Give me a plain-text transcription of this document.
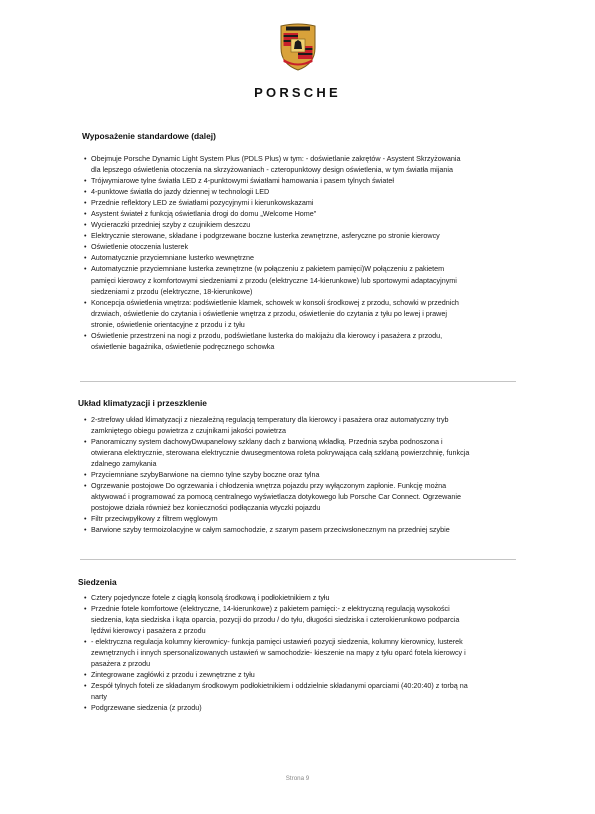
PORSCHE
Wyposażenie standardowe (dalej)
• Obejmuje Porsche Dynamic Light System Plus (PDLS Plus) w tym: - doświetlanie zakrętów - Asystent Skrzyżowania
dla lepszego oświetlenia otoczenia na skrzyżowaniach - czteropunktowy design oświetlenia, w tym światła mijania
• Trójwymiarowe tylne światła LED z 4-punktowymi światłami hamowania i pasem tylnych świateł
• 4-punktowe światła do jazdy dziennej w technologii LED
• Przednie reflektory LED ze światłami pozycyjnymi i kierunkowskazami
• Asystent świateł z funkcją oświetlania drogi do domu „Welcome Home"
• Wycieraczki przedniej szyby z czujnikiem deszczu
• Elektrycznie sterowane, składane i podgrzewane boczne lusterka zewnętrzne, asferyczne po stronie kierowcy
• Oświetlenie otoczenia lusterek
• Automatycznie przyciemniane lusterko wewnętrzne
• Automatycznie przyciemniane lusterka zewnętrzne (w połączeniu z pakietem pamięci)W połączeniu z pakietem
pamięci kierowcy z komfortowymi siedzeniami z przodu (elektryczne 14-kierunkowe) lub sportowymi adaptacyjnymi
siedzeniami z przodu (elektryczne, 18-kierunkowe)
• Koncepcja oświetlenia wnętrza: podświetlenie klamek, schowek w konsoli środkowej z przodu, schowki w przednich
drzwiach, oświetlenie do czytania i oświetlenie wnętrza z przodu, oświetlenie do czytania z tyłu po lewej i prawej
stronie, oświetlenie orientacyjne z przodu i z tyłu
• Oświetlenie przestrzeni na nogi z przodu, podświetlane lusterka do makijażu dla kierowcy i pasażera z przodu,
oświetlenie bagażnika, oświetlenie podręcznego schowka
Układ klimatyzacji i przeszklenie
• 2-strefowy układ klimatyzacji z niezależną regulacją temperatury dla kierowcy i pasażera oraz automatyczny tryb
zamkniętego obiegu powietrza z czujnikami jakości powietrza
• Panoramiczny system dachowyDwupanelowy szklany dach z barwioną wkładką. Przednia szyba podnoszona i
otwierana elektrycznie, sterowana elektrycznie dwusegmentowa roleta pokrywająca całą szklaną powierzchnię, funkcja
zdalnego zamykania
• Przyciemniane szybyBarwione na ciemno tylne szyby boczne oraz tylna
• Ogrzewanie postojowe Do ogrzewania i chłodzenia wnętrza pojazdu przy wyłączonym zapłonie. Funkcję można
aktywować i programować za pomocą centralnego wyświetlacza dotykowego lub Porsche Car Connect. Ogrzewanie
postojowe działa również bez konieczności podłączania wtyczki pojazdu
• Filtr przeciwpyłkowy z filtrem węglowym
• Barwione szyby termoizolacyjne w całym samochodzie, z szarym pasem przeciwsłonecznym na przedniej szybie
Siedzenia
• Cztery pojedyncze fotele z ciągłą konsolą środkową i podłokietnikiem z tyłu
• Przednie fotele komfortowe (elektryczne, 14-kierunkowe) z pakietem pamięci:- z elektryczną regulacją wysokości
siedzenia, kąta siedziska i kąta oparcia, pozycji do przodu / do tyłu, długości siedziska i czterokierunkowo podparcia
lędźwi kierowcy i pasażera z przodu
• - elektryczna regulacja kolumny kierownicy- funkcja pamięci ustawień pozycji siedzenia, kolumny kierownicy, lusterek
zewnętrznych i innych spersonalizowanych ustawień w samochodzie- kieszenie na mapy z tyłu oparć fotela kierowcy i
pasażera z przodu
• Zintegrowane zagłówki z przodu i zewnętrzne z tyłu
• Zespół tylnych foteli ze składanym środkowym podłokietnikiem i oddzielnie składanymi oparciami (40:20:40) z torbą na
narty
• Podgrzewane siedzenia (z przodu)
Strona 9
